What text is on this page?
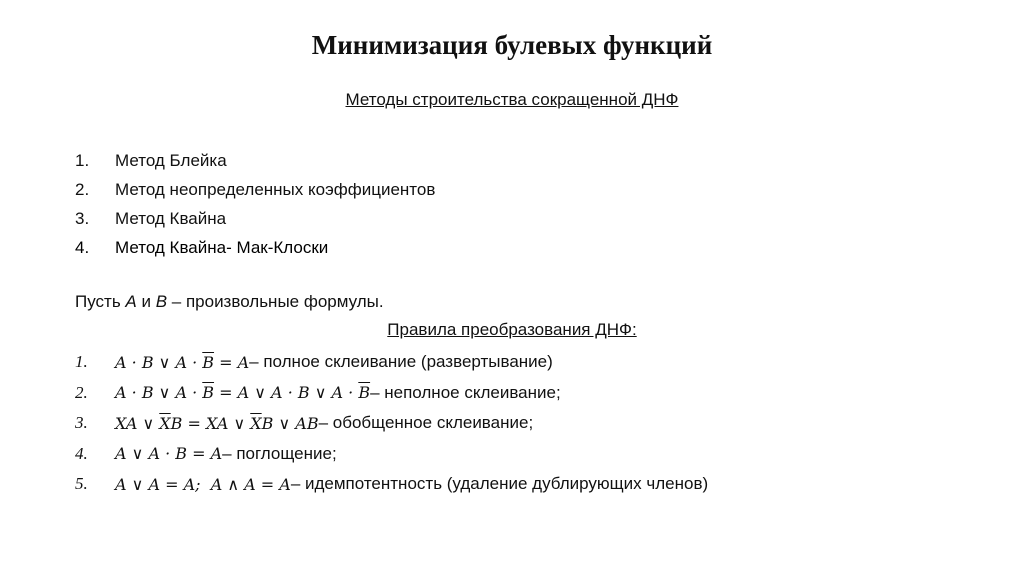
Минимизация булевых функций
Методы строительства сокращенной ДНФ
1.	Метод Блейка
2.	Метод неопределенных коэффициентов
3.	Метод Квайна
4.	Метод Квайна- Мак-Клоски
Пусть A и B – произвольные формулы.
Правила преобразования ДНФ:
1.	A · B ∨ $A \cdot \overline{B} = A$ – полное склеивание (развертывание)
2.	A · B ∨ $A \cdot \overline{B} = A$ ∨ A · B ∨ $A \cdot \overline{B}$ – неполное склеивание;
3.	XA ∨ $\overline{X}B$ = XA ∨ $\overline{X}B$ ∨ AB – обобщенное склеивание;
4.	A ∨ A · B = A – поглощение;
5.	A ∨ A = A;  A ∧ A = A – идемпотентность (удаление дублирующих членов)
